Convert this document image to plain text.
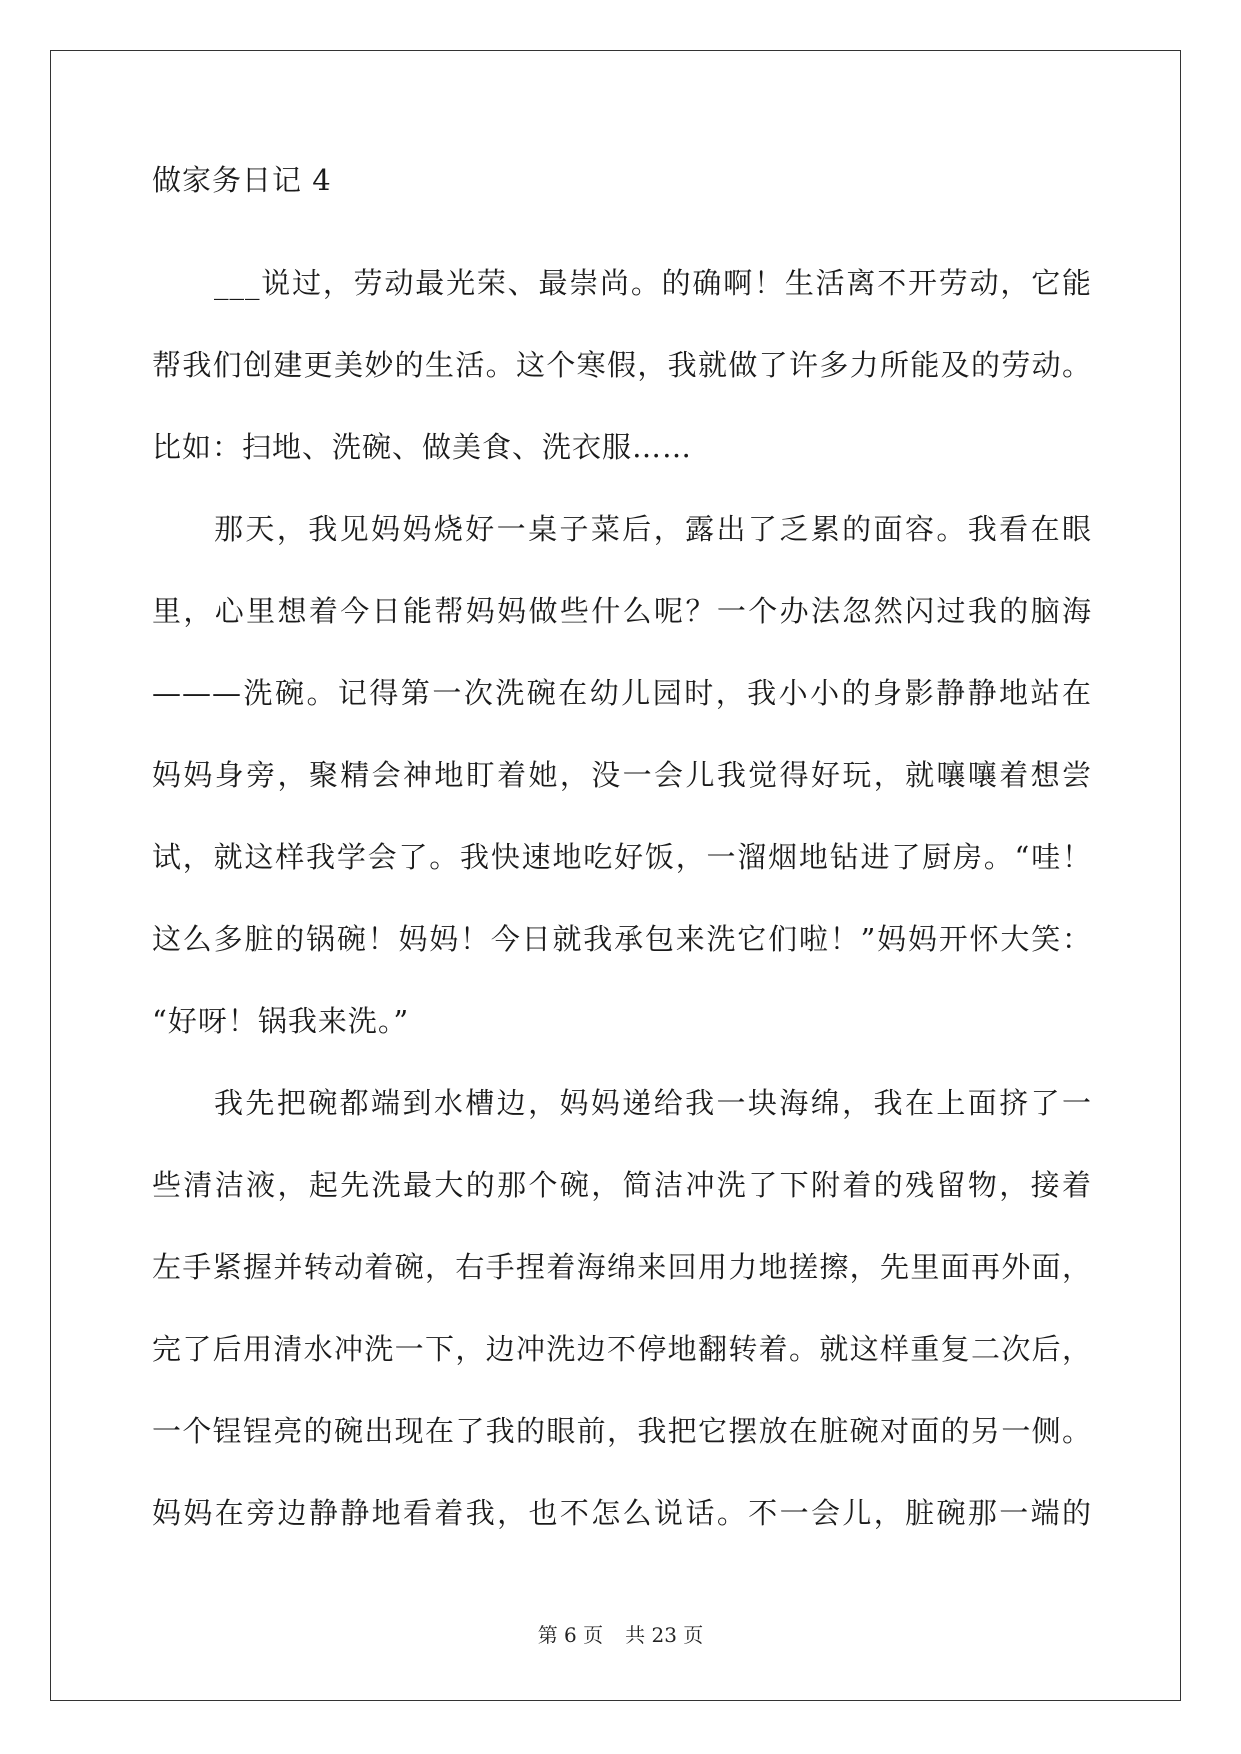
做家务日记 4
___说过，劳动最光荣、最崇尚。的确啊！生活离不开劳动，它能
帮我们创建更美妙的生活。这个寒假，我就做了许多力所能及的劳动。
比如：扫地、洗碗、做美食、洗衣服……
那天，我见妈妈烧好一桌子菜后，露出了乏累的面容。我看在眼
里，心里想着今日能帮妈妈做些什么呢？一个办法忽然闪过我的脑海
———洗碗。记得第一次洗碗在幼儿园时，我小小的身影静静地站在
妈妈身旁，聚精会神地盯着她，没一会儿我觉得好玩，就嚷嚷着想尝
试，就这样我学会了。我快速地吃好饭，一溜烟地钻进了厨房。“哇！
这么多脏的锅碗！妈妈！今日就我承包来洗它们啦！”妈妈开怀大笑：
“好呀！锅我来洗。”
我先把碗都端到水槽边，妈妈递给我一块海绵，我在上面挤了一
些清洁液，起先洗最大的那个碗，简洁冲洗了下附着的残留物，接着
左手紧握并转动着碗，右手捏着海绵来回用力地搓擦，先里面再外面，
完了后用清水冲洗一下，边冲洗边不停地翻转着。就这样重复二次后，
一个锃锃亮的碗出现在了我的眼前，我把它摆放在脏碗对面的另一侧。
妈妈在旁边静静地看着我，也不怎么说话。不一会儿，脏碗那一端的
第 6 页 共 23 页
